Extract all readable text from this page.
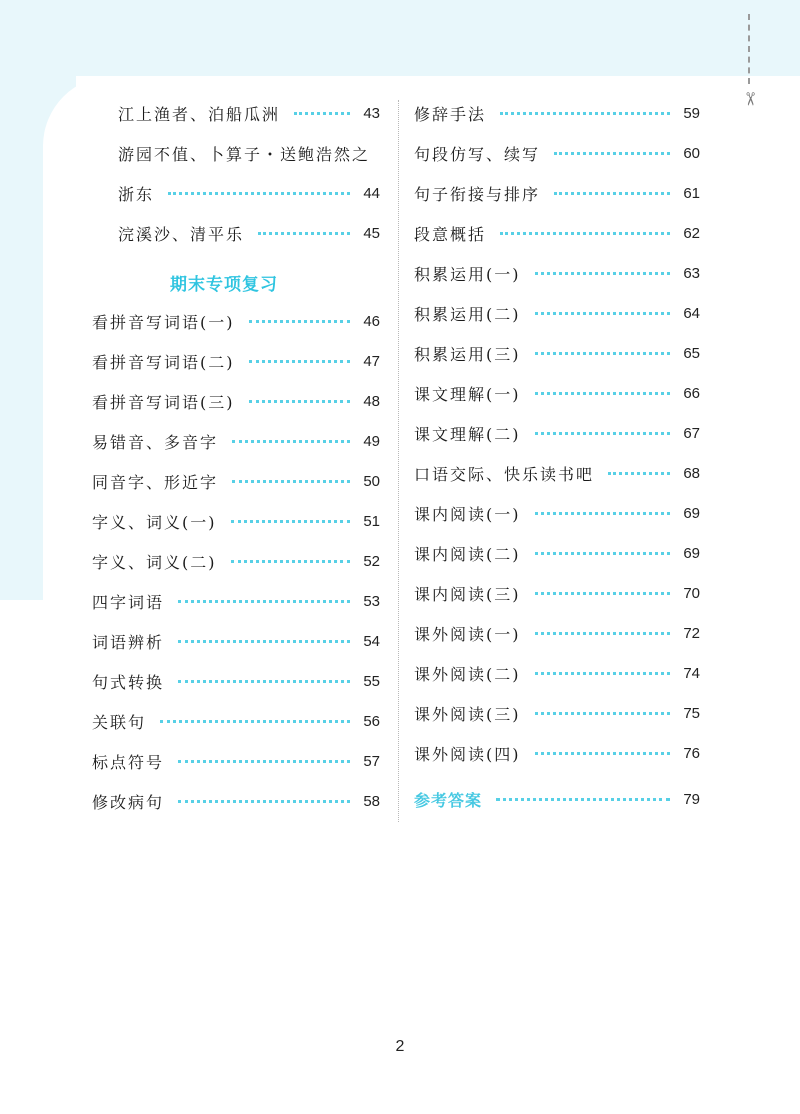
✂
江上渔者、泊船瓜洲	43
游园不值、卜算子・送鲍浩然之
浙东	44
浣溪沙、清平乐	45
期末专项复习
看拼音写词语(一)	46
看拼音写词语(二)	47
看拼音写词语(三)	48
易错音、多音字	49
同音字、形近字	50
字义、词义(一)	51
字义、词义(二)	52
四字词语	53
词语辨析	54
句式转换	55
关联句	56
标点符号	57
修改病句	58
修辞手法	59
句段仿写、续写	60
句子衔接与排序	61
段意概括	62
积累运用(一)	63
积累运用(二)	64
积累运用(三)	65
课文理解(一)	66
课文理解(二)	67
口语交际、快乐读书吧	68
课内阅读(一)	69
课内阅读(二)	69
课内阅读(三)	70
课外阅读(一)	72
课外阅读(二)	74
课外阅读(三)	75
课外阅读(四)	76
参考答案	79
2
